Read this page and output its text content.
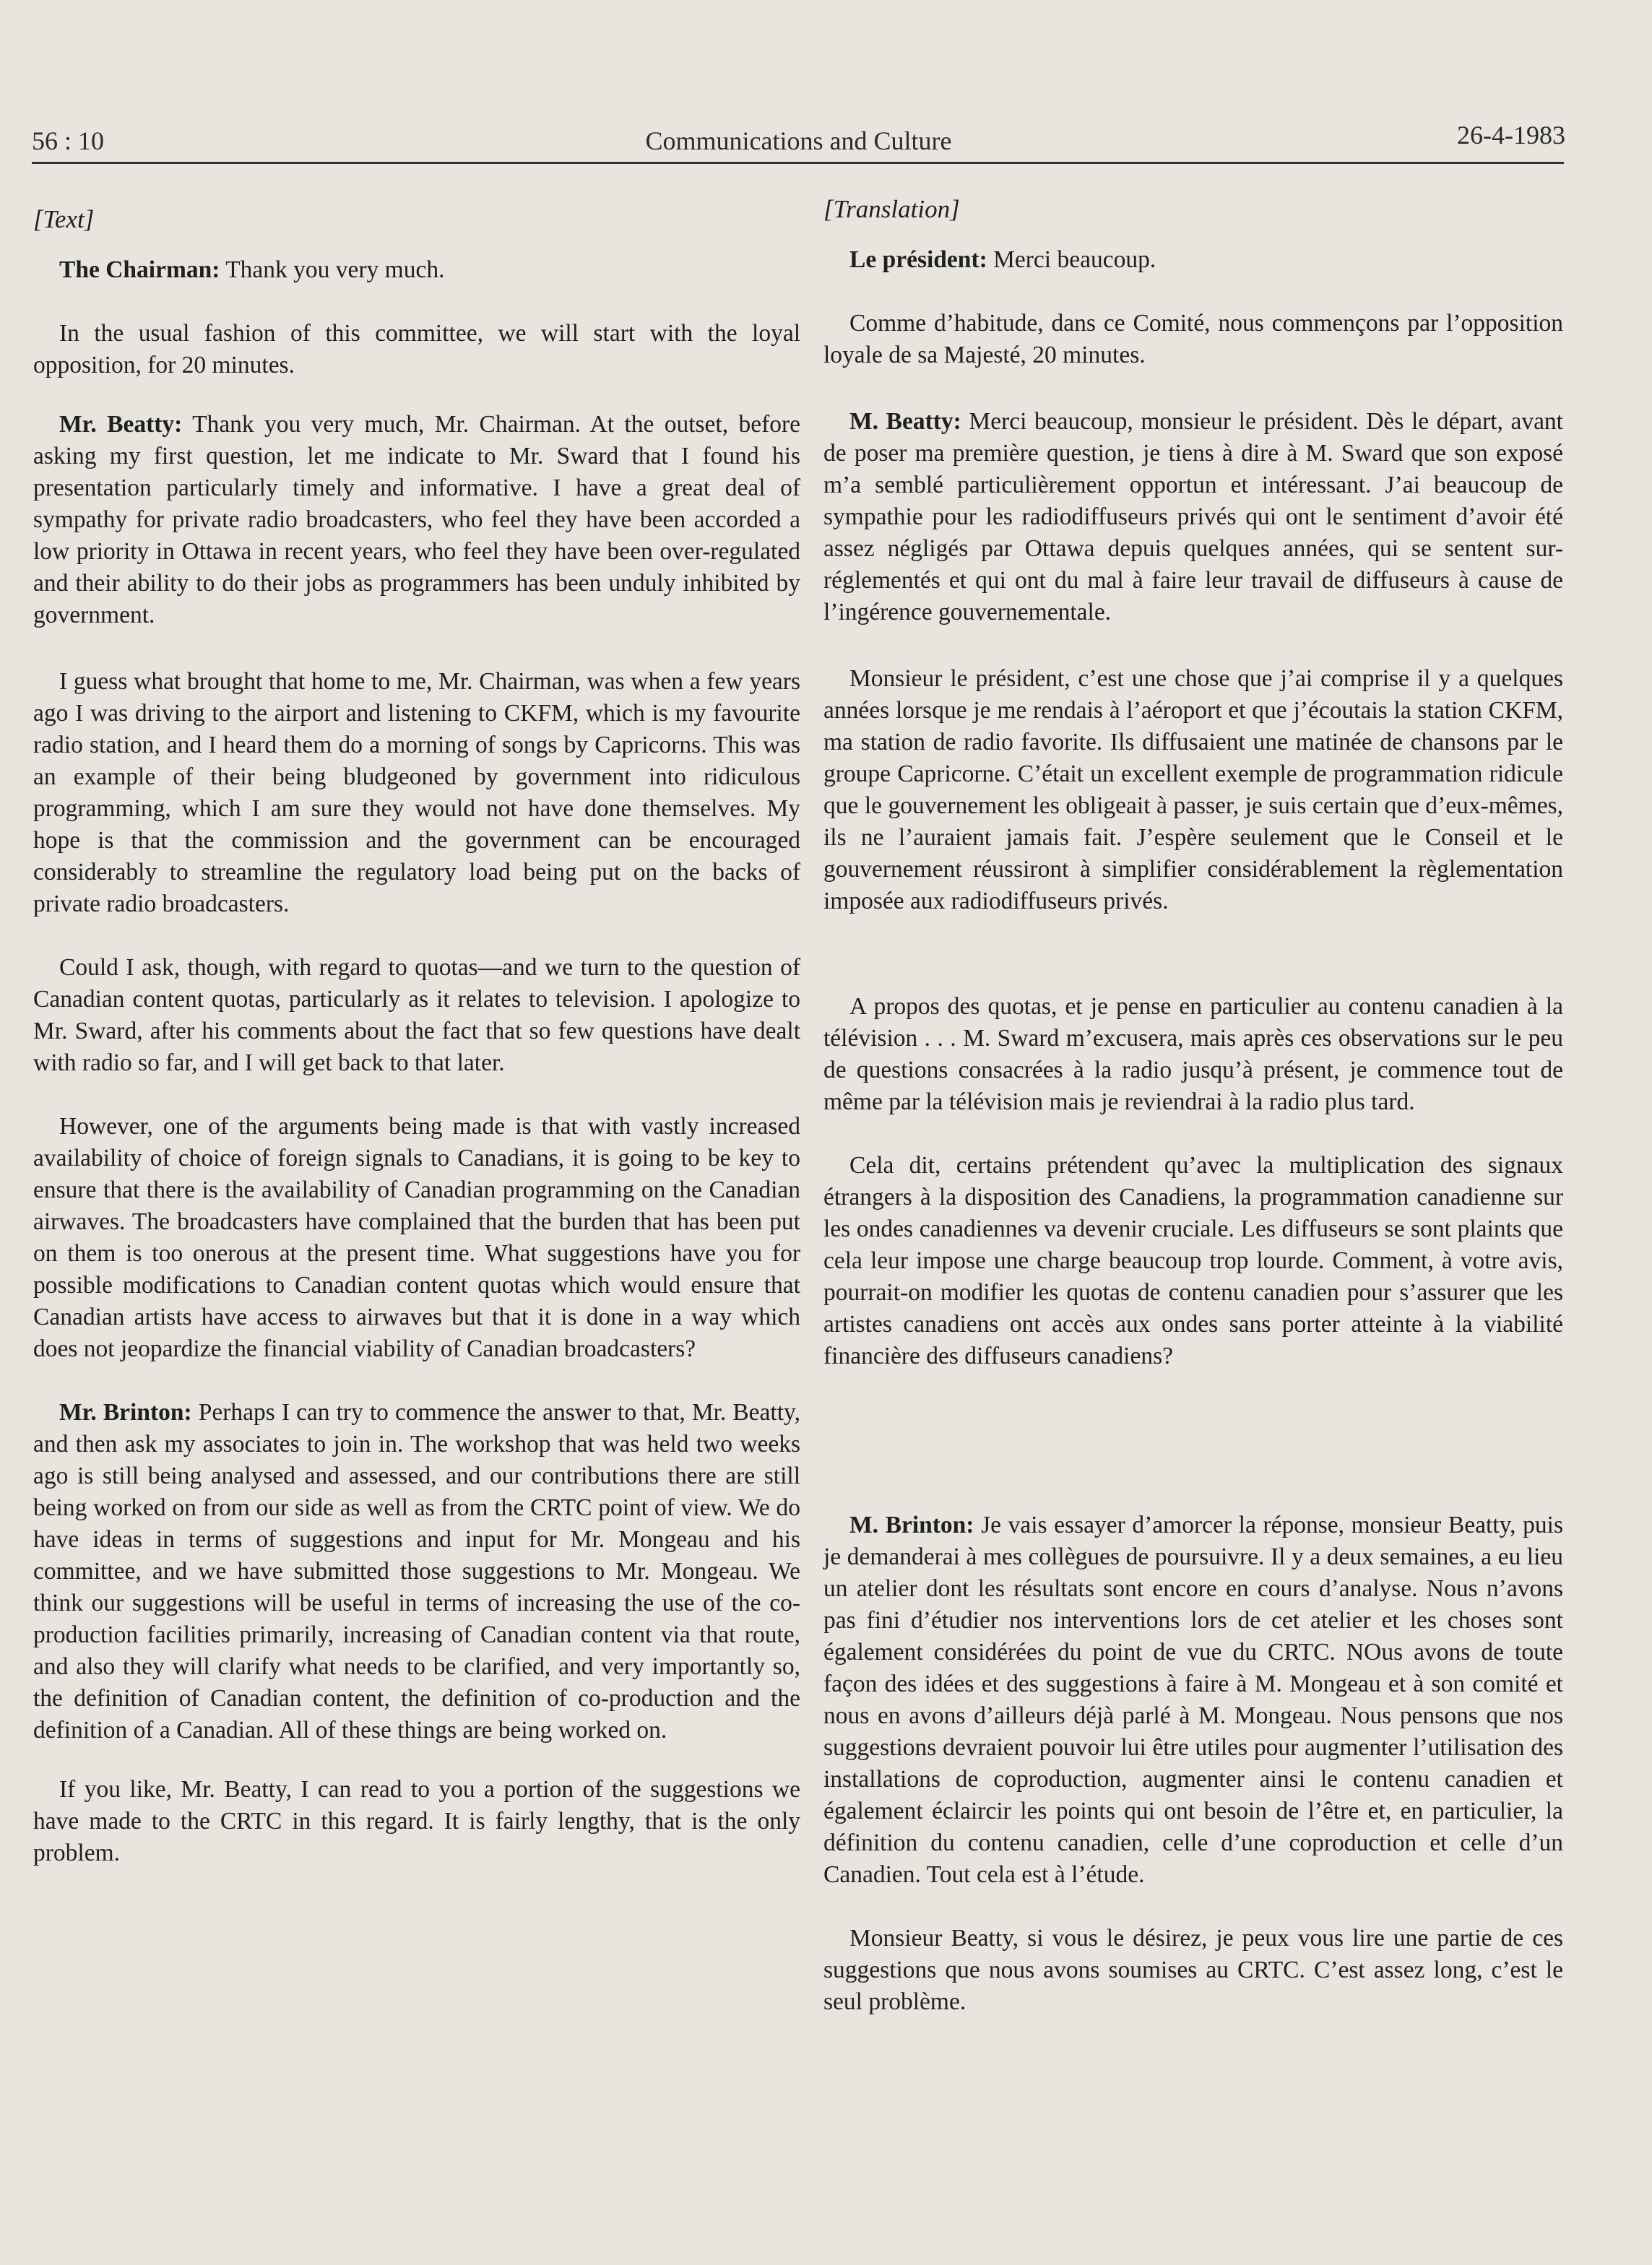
56 : 10	Communications and Culture	26-4-1983

[Text]

The Chairman: Thank you very much.

In the usual fashion of this committee, we will start with the loyal opposition, for 20 minutes.

Mr. Beatty: Thank you very much, Mr. Chairman. At the outset, before asking my first question, let me indicate to Mr. Sward that I found his presentation particularly timely and informative. I have a great deal of sympathy for private radio broadcasters, who feel they have been accorded a low priority in Ottawa in recent years, who feel they have been over-regulated and their ability to do their jobs as programmers has been unduly inhibited by government.

I guess what brought that home to me, Mr. Chairman, was when a few years ago I was driving to the airport and listening to CKFM, which is my favourite radio station, and I heard them do a morning of songs by Capricorns. This was an example of their being bludgeoned by government into ridiculous programming, which I am sure they would not have done themselves. My hope is that the commission and the government can be encouraged considerably to streamline the regulatory load being put on the backs of private radio broadcasters.

Could I ask, though, with regard to quotas—and we turn to the question of Canadian content quotas, particularly as it relates to television. I apologize to Mr. Sward, after his comments about the fact that so few questions have dealt with radio so far, and I will get back to that later.

However, one of the arguments being made is that with vastly increased availability of choice of foreign signals to Canadians, it is going to be key to ensure that there is the availability of Canadian programming on the Canadian airwaves. The broadcasters have complained that the burden that has been put on them is too onerous at the present time. What suggestions have you for possible modifications to Canadian content quotas which would ensure that Canadian artists have access to airwaves but that it is done in a way which does not jeopardize the financial viability of Canadian broadcasters?

Mr. Brinton: Perhaps I can try to commence the answer to that, Mr. Beatty, and then ask my associates to join in. The workshop that was held two weeks ago is still being analysed and assessed, and our contributions there are still being worked on from our side as well as from the CRTC point of view. We do have ideas in terms of suggestions and input for Mr. Mongeau and his committee, and we have submitted those suggestions to Mr. Mongeau. We think our suggestions will be useful in terms of increasing the use of the co-production facilities primarily, increasing of Canadian content via that route, and also they will clarify what needs to be clarified, and very importantly so, the definition of Canadian content, the definition of co-production and the definition of a Canadian. All of these things are being worked on.

If you like, Mr. Beatty, I can read to you a portion of the suggestions we have made to the CRTC in this regard. It is fairly lengthy, that is the only problem.

[Translation]

Le président: Merci beaucoup.

Comme d’habitude, dans ce Comité, nous commençons par l’opposition loyale de sa Majesté, 20 minutes.

M. Beatty: Merci beaucoup, monsieur le président. Dès le départ, avant de poser ma première question, je tiens à dire à M. Sward que son exposé m’a semblé particulièrement opportun et intéressant. J’ai beaucoup de sympathie pour les radiodiffuseurs privés qui ont le sentiment d’avoir été assez négligés par Ottawa depuis quelques années, qui se sentent sur-réglementés et qui ont du mal à faire leur travail de diffuseurs à cause de l’ingérence gouvernementale.

Monsieur le président, c’est une chose que j’ai comprise il y a quelques années lorsque je me rendais à l’aéroport et que j’écoutais la station CKFM, ma station de radio favorite. Ils diffusaient une matinée de chansons par le groupe Capricorne. C’était un excellent exemple de programmation ridicule que le gouvernement les obligeait à passer, je suis certain que d’eux-mêmes, ils ne l’auraient jamais fait. J’espère seulement que le Conseil et le gouvernement réussiront à simplifier considérablement la règlementation imposée aux radiodiffuseurs privés.

A propos des quotas, et je pense en particulier au contenu canadien à la télévision . . . M. Sward m’excusera, mais après ces observations sur le peu de questions consacrées à la radio jusqu’à présent, je commence tout de même par la télévision mais je reviendrai à la radio plus tard.

Cela dit, certains prétendent qu’avec la multiplication des signaux étrangers à la disposition des Canadiens, la programmation canadienne sur les ondes canadiennes va devenir cruciale. Les diffuseurs se sont plaints que cela leur impose une charge beaucoup trop lourde. Comment, à votre avis, pourrait-on modifier les quotas de contenu canadien pour s’assurer que les artistes canadiens ont accès aux ondes sans porter atteinte à la viabilité financière des diffuseurs canadiens?

M. Brinton: Je vais essayer d’amorcer la réponse, monsieur Beatty, puis je demanderai à mes collègues de poursuivre. Il y a deux semaines, a eu lieu un atelier dont les résultats sont encore en cours d’analyse. Nous n’avons pas fini d’étudier nos interventions lors de cet atelier et les choses sont également considérées du point de vue du CRTC. NOus avons de toute façon des idées et des suggestions à faire à M. Mongeau et à son comité et nous en avons d’ailleurs déjà parlé à M. Mongeau. Nous pensons que nos suggestions devraient pouvoir lui être utiles pour augmenter l’utilisation des installations de coproduction, augmenter ainsi le contenu canadien et également éclaircir les points qui ont besoin de l’être et, en particulier, la définition du contenu canadien, celle d’une coproduction et celle d’un Canadien. Tout cela est à l’étude.

Monsieur Beatty, si vous le désirez, je peux vous lire une partie de ces suggestions que nous avons soumises au CRTC. C’est assez long, c’est le seul problème.
